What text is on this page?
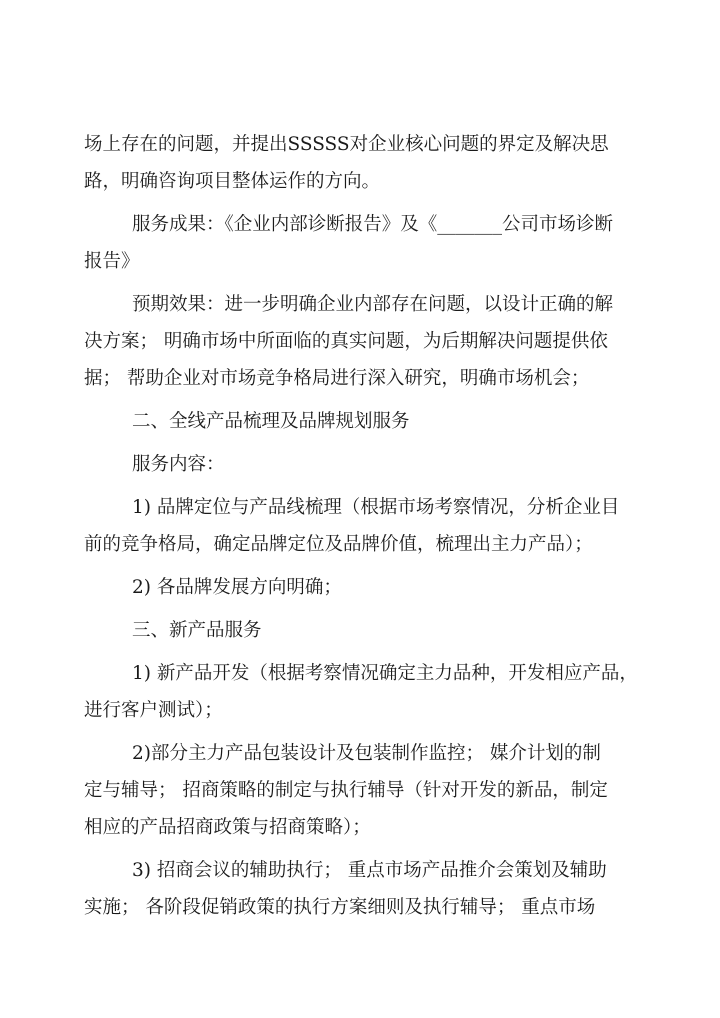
场上存在的问题，并提出SSSSS对企业核心问题的界定及解决思
路，明确咨询项目整体运作的方向。
服务成果：《企业内部诊断报告》及《_______公司市场诊断
报告》
预期效果：进一步明确企业内部存在问题，以设计正确的解
决方案； 明确市场中所面临的真实问题，为后期解决问题提供依
据； 帮助企业对市场竞争格局进行深入研究，明确市场机会；
二、全线产品梳理及品牌规划服务
服务内容：
1) 品牌定位与产品线梳理（根据市场考察情况，分析企业目
前的竞争格局，确定品牌定位及品牌价值，梳理出主力产品）；
2) 各品牌发展方向明确；
三、新产品服务
1) 新产品开发（根据考察情况确定主力品种，开发相应产品，
进行客户测试）；
2)部分主力产品包装设计及包装制作监控； 媒介计划的制
定与辅导； 招商策略的制定与执行辅导（针对开发的新品，制定
相应的产品招商政策与招商策略）；
3) 招商会议的辅助执行； 重点市场产品推介会策划及辅助
实施； 各阶段促销政策的执行方案细则及执行辅导； 重点市场
